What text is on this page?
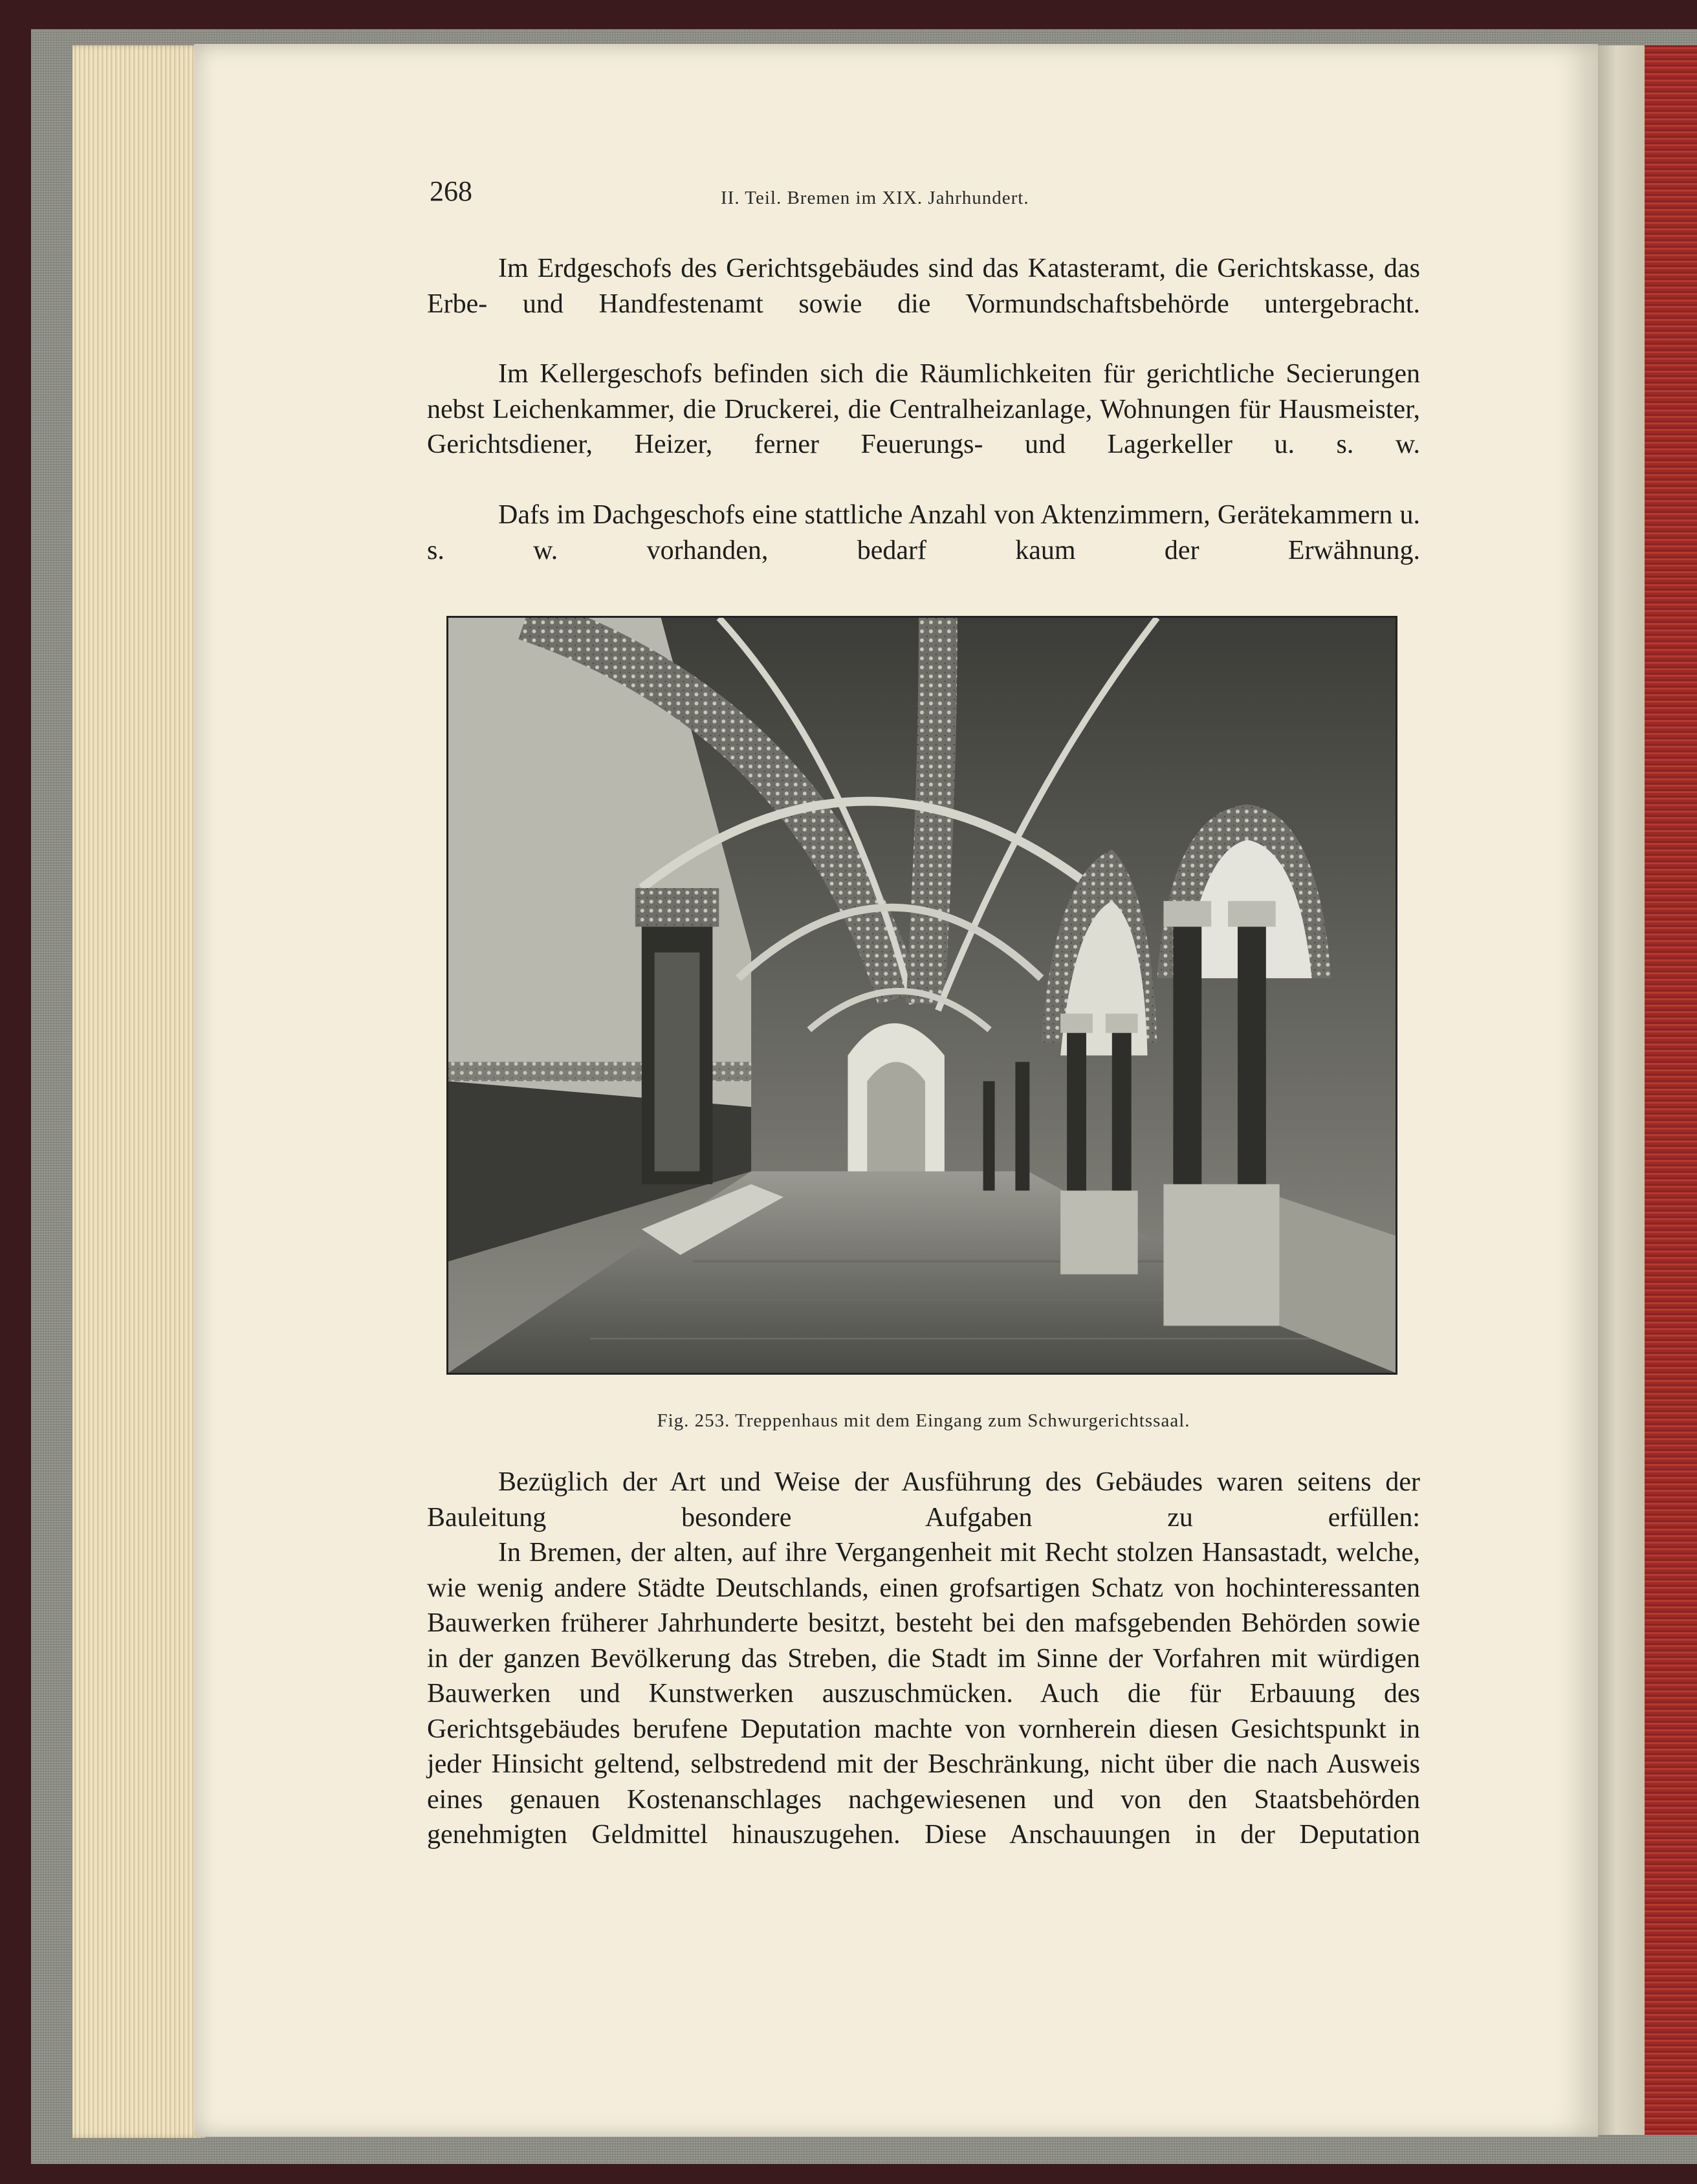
268	II. Teil. Bremen im XIX. Jahrhundert.

Im Erdgeschofs des Gerichtsgebäudes sind das Katasteramt, die Gerichtskasse, das Erbe- und Handfestenamt sowie die Vormundschaftsbehörde untergebracht.

Im Kellergeschofs befinden sich die Räumlichkeiten für gerichtliche Secierungen nebst Leichenkammer, die Druckerei, die Centralheizanlage, Wohnungen für Hausmeister, Gerichtsdiener, Heizer, ferner Feuerungs- und Lagerkeller u. s. w.

Dafs im Dachgeschofs eine stattliche Anzahl von Aktenzimmern, Gerätekammern u. s. w. vorhanden, bedarf kaum der Erwähnung.

Fig. 253. Treppenhaus mit dem Eingang zum Schwurgerichtssaal.

Bezüglich der Art und Weise der Ausführung des Gebäudes waren seitens der Bauleitung besondere Aufgaben zu erfüllen:

In Bremen, der alten, auf ihre Vergangenheit mit Recht stolzen Hansastadt, welche, wie wenig andere Städte Deutschlands, einen grofsartigen Schatz von hochinteressanten Bauwerken früherer Jahrhunderte besitzt, besteht bei den mafsgebenden Behörden sowie in der ganzen Bevölkerung das Streben, die Stadt im Sinne der Vorfahren mit würdigen Bauwerken und Kunstwerken auszuschmücken. Auch die für Erbauung des Gerichtsgebäudes berufene Deputation machte von vornherein diesen Gesichtspunkt in jeder Hinsicht geltend, selbstredend mit der Beschränkung, nicht über die nach Ausweis eines genauen Kostenanschlages nachgewiesenen und von den Staatsbehörden genehmigten Geldmittel hinauszugehen. Diese Anschauungen in der Deputation
